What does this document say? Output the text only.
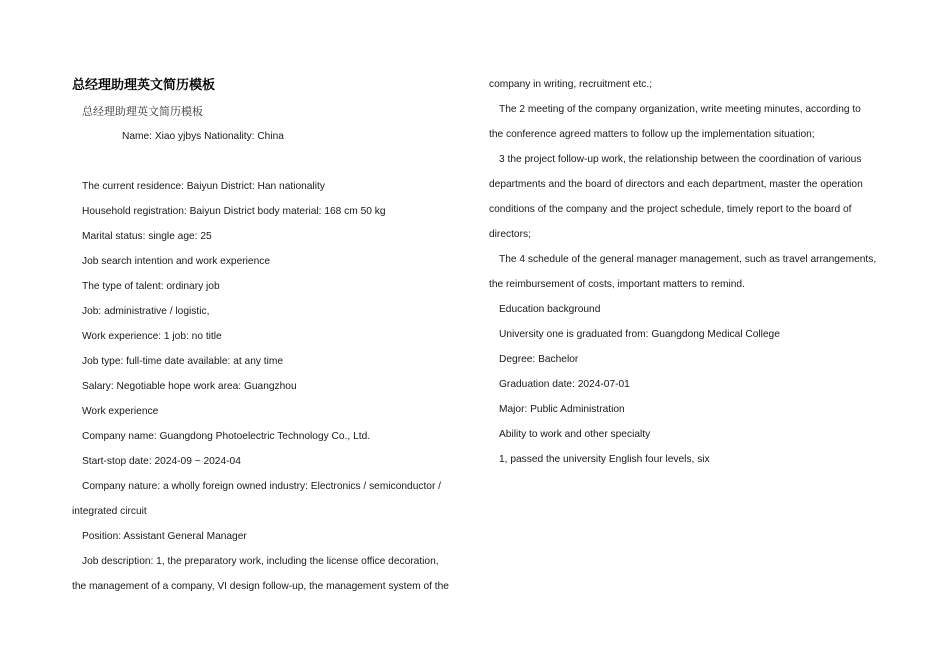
总经理助理英文简历模板
总经理助理英文简历模板
Name: Xiao yjbys Nationality: China
The current residence: Baiyun District: Han nationality
Household registration: Baiyun District body material: 168 cm 50 kg
Marital status: single age: 25
Job search intention and work experience
The type of talent: ordinary job
Job: administrative / logistic,
Work experience: 1 job: no title
Job type: full-time date available: at any time
Salary: Negotiable hope work area: Guangzhou
Work experience
Company name: Guangdong Photoelectric Technology Co., Ltd.
Start-stop date: 2024-09 ~ 2024-04
Company nature: a wholly foreign owned industry: Electronics / semiconductor /
integrated circuit
Position: Assistant General Manager
Job description: 1, the preparatory work, including the license office decoration,
the management of a company, VI design follow-up, the management system of the
company in writing, recruitment etc.;
The 2 meeting of the company organization, write meeting minutes, according to
the conference agreed matters to follow up the implementation situation;
3 the project follow-up work, the relationship between the coordination of various
departments and the board of directors and each department, master the operation
conditions of the company and the project schedule, timely report to the board of
directors;
The 4 schedule of the general manager management, such as travel arrangements,
the reimbursement of costs, important matters to remind.
Education background
University one is graduated from: Guangdong Medical College
Degree: Bachelor
Graduation date: 2024-07-01
Major: Public Administration
Ability to work and other specialty
1, passed the university English four levels, six
